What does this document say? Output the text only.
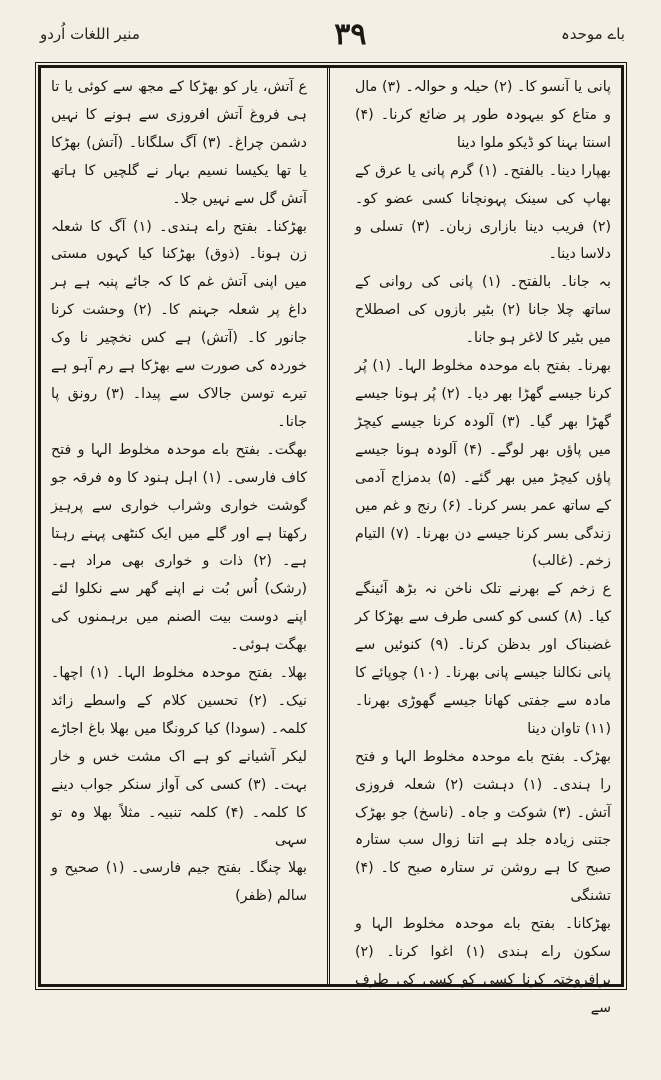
منیر اللغات اُردو	۳۹	باے موحدہ

پانی یا آنسو کا۔ (۲) حیلہ و حوالہ۔ (۳) مال و متاع کو بیہودہ طور پر ضائع کرنا۔ (۴) اسنتا بہنا کو ڈیکو ملوا دینا

بھپارا دینا۔ بالفتح۔ (۱) گرم پانی یا عرق کے بھاپ کی سینک پہونچانا کسی عضو کو۔ (۲) فریب دینا بازاری زبان۔ (۳) تسلی و دلاسا دینا۔

بہ جانا۔ بالفتح۔ (۱) پانی کی روانی کے ساتھ چلا جانا (۲) بٹیر بازوں کی اصطلاح میں بٹیر کا لاغر ہو جانا۔

بھرنا۔ بفتح باے موحدہ مخلوط الہا۔ (۱) پُر کرنا جیسے گھڑا بھر دیا۔ (۲) پُر ہونا جیسے گھڑا بھر گیا۔ (۳) آلودہ کرنا جیسے کیچڑ میں پاؤں بھر لوگے۔ (۴) آلودہ ہونا جیسے پاؤں کیچڑ میں بھر گئے۔ (۵) بدمزاج آدمی کے ساتھ عمر بسر کرنا۔ (۶) رنج و غم میں زندگی بسر کرنا جیسے دن بھرنا۔ (۷) التیام زخم۔ (غالب)

ع زخم کے بھرنے تلک ناخن نہ بڑھ آئینگے کیا۔ (۸) کسی کو کسی طرف سے بھڑکا کر غضبناک اور بدظن کرنا۔ (۹) کنوئیں سے پانی نکالنا جیسے پانی بھرنا۔ (۱۰) چوپائے کا مادہ سے جفتی کھانا جیسے گھوڑی بھرنا۔ (۱۱) تاوان دینا

بھڑک۔ بفتح باے موحدہ مخلوط الہا و فتح را ہندی۔ (۱) دہشت (۲) شعلہ فروزی آتش۔ (۳) شوکت و جاہ۔ (ناسخ) جو بھڑک جتنی زیادہ جلد ہے اتنا زوال سب ستارہ صبح کا ہے روشن تر ستارہ صبح کا۔ (۴) تشنگی

بھڑکانا۔ بفتح باے موحدہ مخلوط الہا و سکون راے ہندی (۱) اغوا کرنا۔ (۲) برافروختہ کرنا کسی کو کسی کی طرف سے

ع آتش، یار کو بھڑکا کے مجھ سے کوئی یا تا ہی فروغ آتش افروزی سے ہونے کا نہیں دشمن چراغ۔ (۳) آگ سلگانا۔ (آتش) بھڑکا یا تھا یکیسا نسیم بہار نے گلچیں کا ہاتھ آتش گل سے نہیں جلا۔

بھڑکنا۔ بفتح راے ہندی۔ (۱) آگ کا شعلہ زن ہونا۔ (ذوق) بھڑکنا کیا کہوں مستی میں اپنی آتش غم کا کہ جائے پنبہ ہے ہر داغ پر شعلہ جہنم کا۔ (۲) وحشت کرنا جانور کا۔ (آتش) ہے کس نخچیر نا وک خوردہ کی صورت سے بھڑکا ہے رم آہو ہے تیرے توسن جالاک سے پیدا۔ (۳) رونق پا جانا۔

بھگت۔ بفتح باے موحدہ مخلوط الہا و فتح کاف فارسی۔ (۱) اہل ہنود کا وہ فرقہ جو گوشت خواری وشراب خواری سے پرہیز رکھتا ہے اور گلے میں ایک کنٹھی پہنے رہتا ہے۔ (۲) ذات و خواری بھی مراد ہے۔ (رشک) اُس بُت نے اپنے گھر سے نکلوا لئے اپنے دوست بیت الصنم میں برہمنوں کی بھگت ہوئی۔

بھلا۔ بفتح موحدہ مخلوط الہا۔ (۱) اچھا۔ نیک۔ (۲) تحسین کلام کے واسطے زائد کلمہ۔ (سودا) کیا کرونگا میں بھلا باغ اجاڑے لیکر آشیانے کو ہے اک مشت خس و خار بہت۔ (۳) کسی کی آواز سنکر جواب دینے کا کلمہ۔ (۴) کلمہ تنبیہ۔ مثلاً بھلا وہ تو سہی

بھلا چنگا۔ بفتح جیم فارسی۔ (۱) صحیح و سالم (ظفر)
